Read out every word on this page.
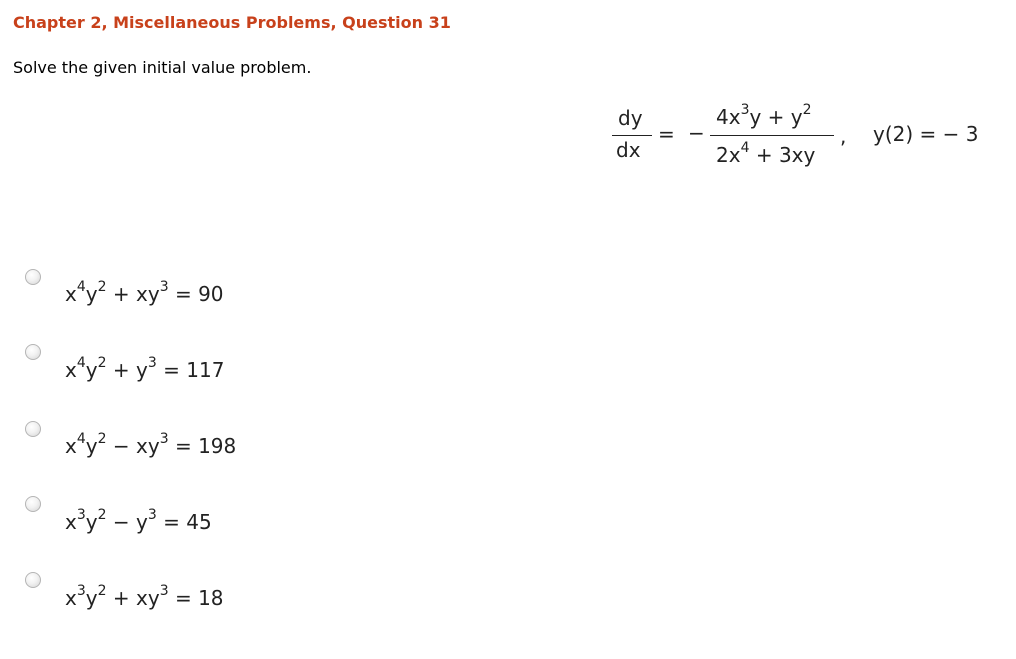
Chapter 2, Miscellaneous Problems, Question 31
Solve the given initial value problem.
dy
dx
= −
$4x^3y + y^2$
$2x^4 + 3xy$
, y(2) = − 3
$x^4y^2 + xy^3 = 90$
$x^4y^2 + y^3 = 117$
$x^4y^2 - xy^3 = 198$
$x^3y^2 - y^3 = 45$
$x^3y^2 + xy^3 = 18$
